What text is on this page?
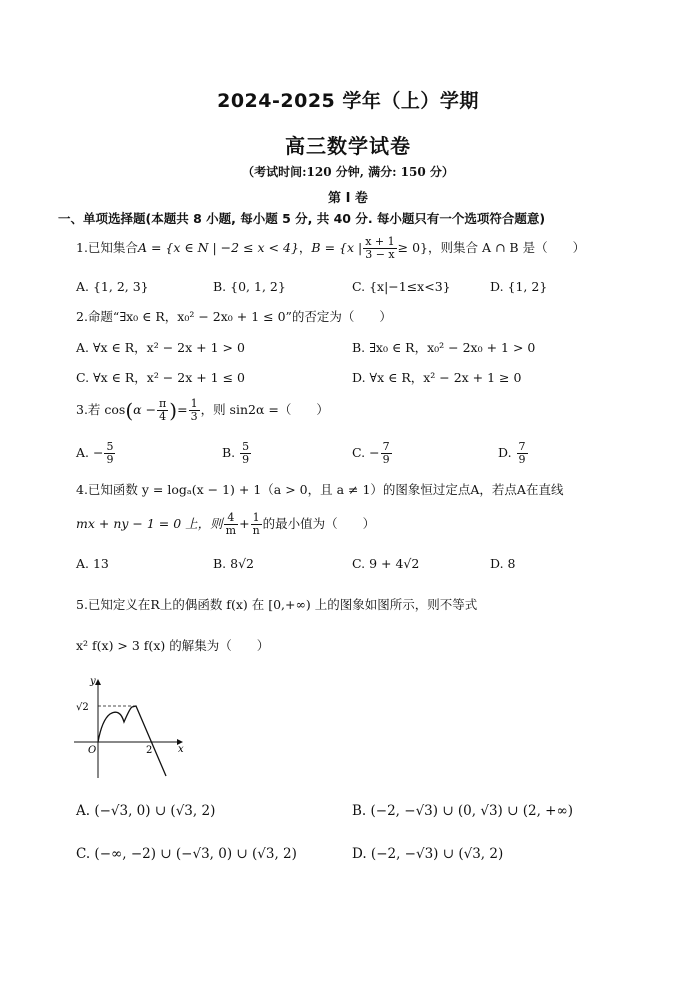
2024-2025 学年（上）学期
高三数学试卷
（考试时间:120 分钟, 满分: 150 分）
第 I 卷
一、单项选择题(本题共 8 小题, 每小题 5 分, 共 40 分. 每小题只有一个选项符合题意)
1.已知集合A = {x ∈ N | −2 ≤ x < 4}，B = {x | $\frac{x + 1}{3 - x} \ge 0$}，则集合 A ∩ B 是（　　）
A. {1, 2, 3}	B. {0, 1, 2}	C. {x|−1≤x<3}	D. {1, 2}
2.命题“∃x₀ ∈ R，x₀² − 2x₀ + 1 ≤ 0”的否定为（　　）
A. ∀x ∈ R，x² − 2x + 1 > 0	B. ∃x₀ ∈ R，x₀² − 2x₀ + 1 > 0
C. ∀x ∈ R，x² − 2x + 1 ≤ 0	D. ∀x ∈ R，x² − 2x + 1 ≥ 0
3.若 $\cos(\alpha - \frac{\pi}{4}$ )= $\frac{1}{3}$ ，则 sin2α =（　　）
A. − $\frac{5}{9}$	B. $\frac{5}{9}$	C. − $\frac{7}{9}$	D. $\frac{7}{9}$
4.已知函数 y = logₐ(x − 1) + 1（a > 0，且 a ≠ 1）的图象恒过定点A，若点A在直线
mx + ny − 1 = 0 上，则 $\frac{4}{m} + \frac{1}{n}$ 的最小值为（　　）
A. 13	B. 8√2	C. 9 + 4√2	D. 8
5.已知定义在R上的偶函数 f(x) 在 [0,+∞) 上的图象如图所示，则不等式
x² f(x) > 3 f(x) 的解集为（　　）
y
x
O	2
√2
A. (−√3, 0) ∪ (√3, 2)	B. (−2, −√3) ∪ (0, √3) ∪ (2, +∞)
C. (−∞, −2) ∪ (−√3, 0) ∪ (√3, 2)	D. (−2, −√3) ∪ (√3, 2)
